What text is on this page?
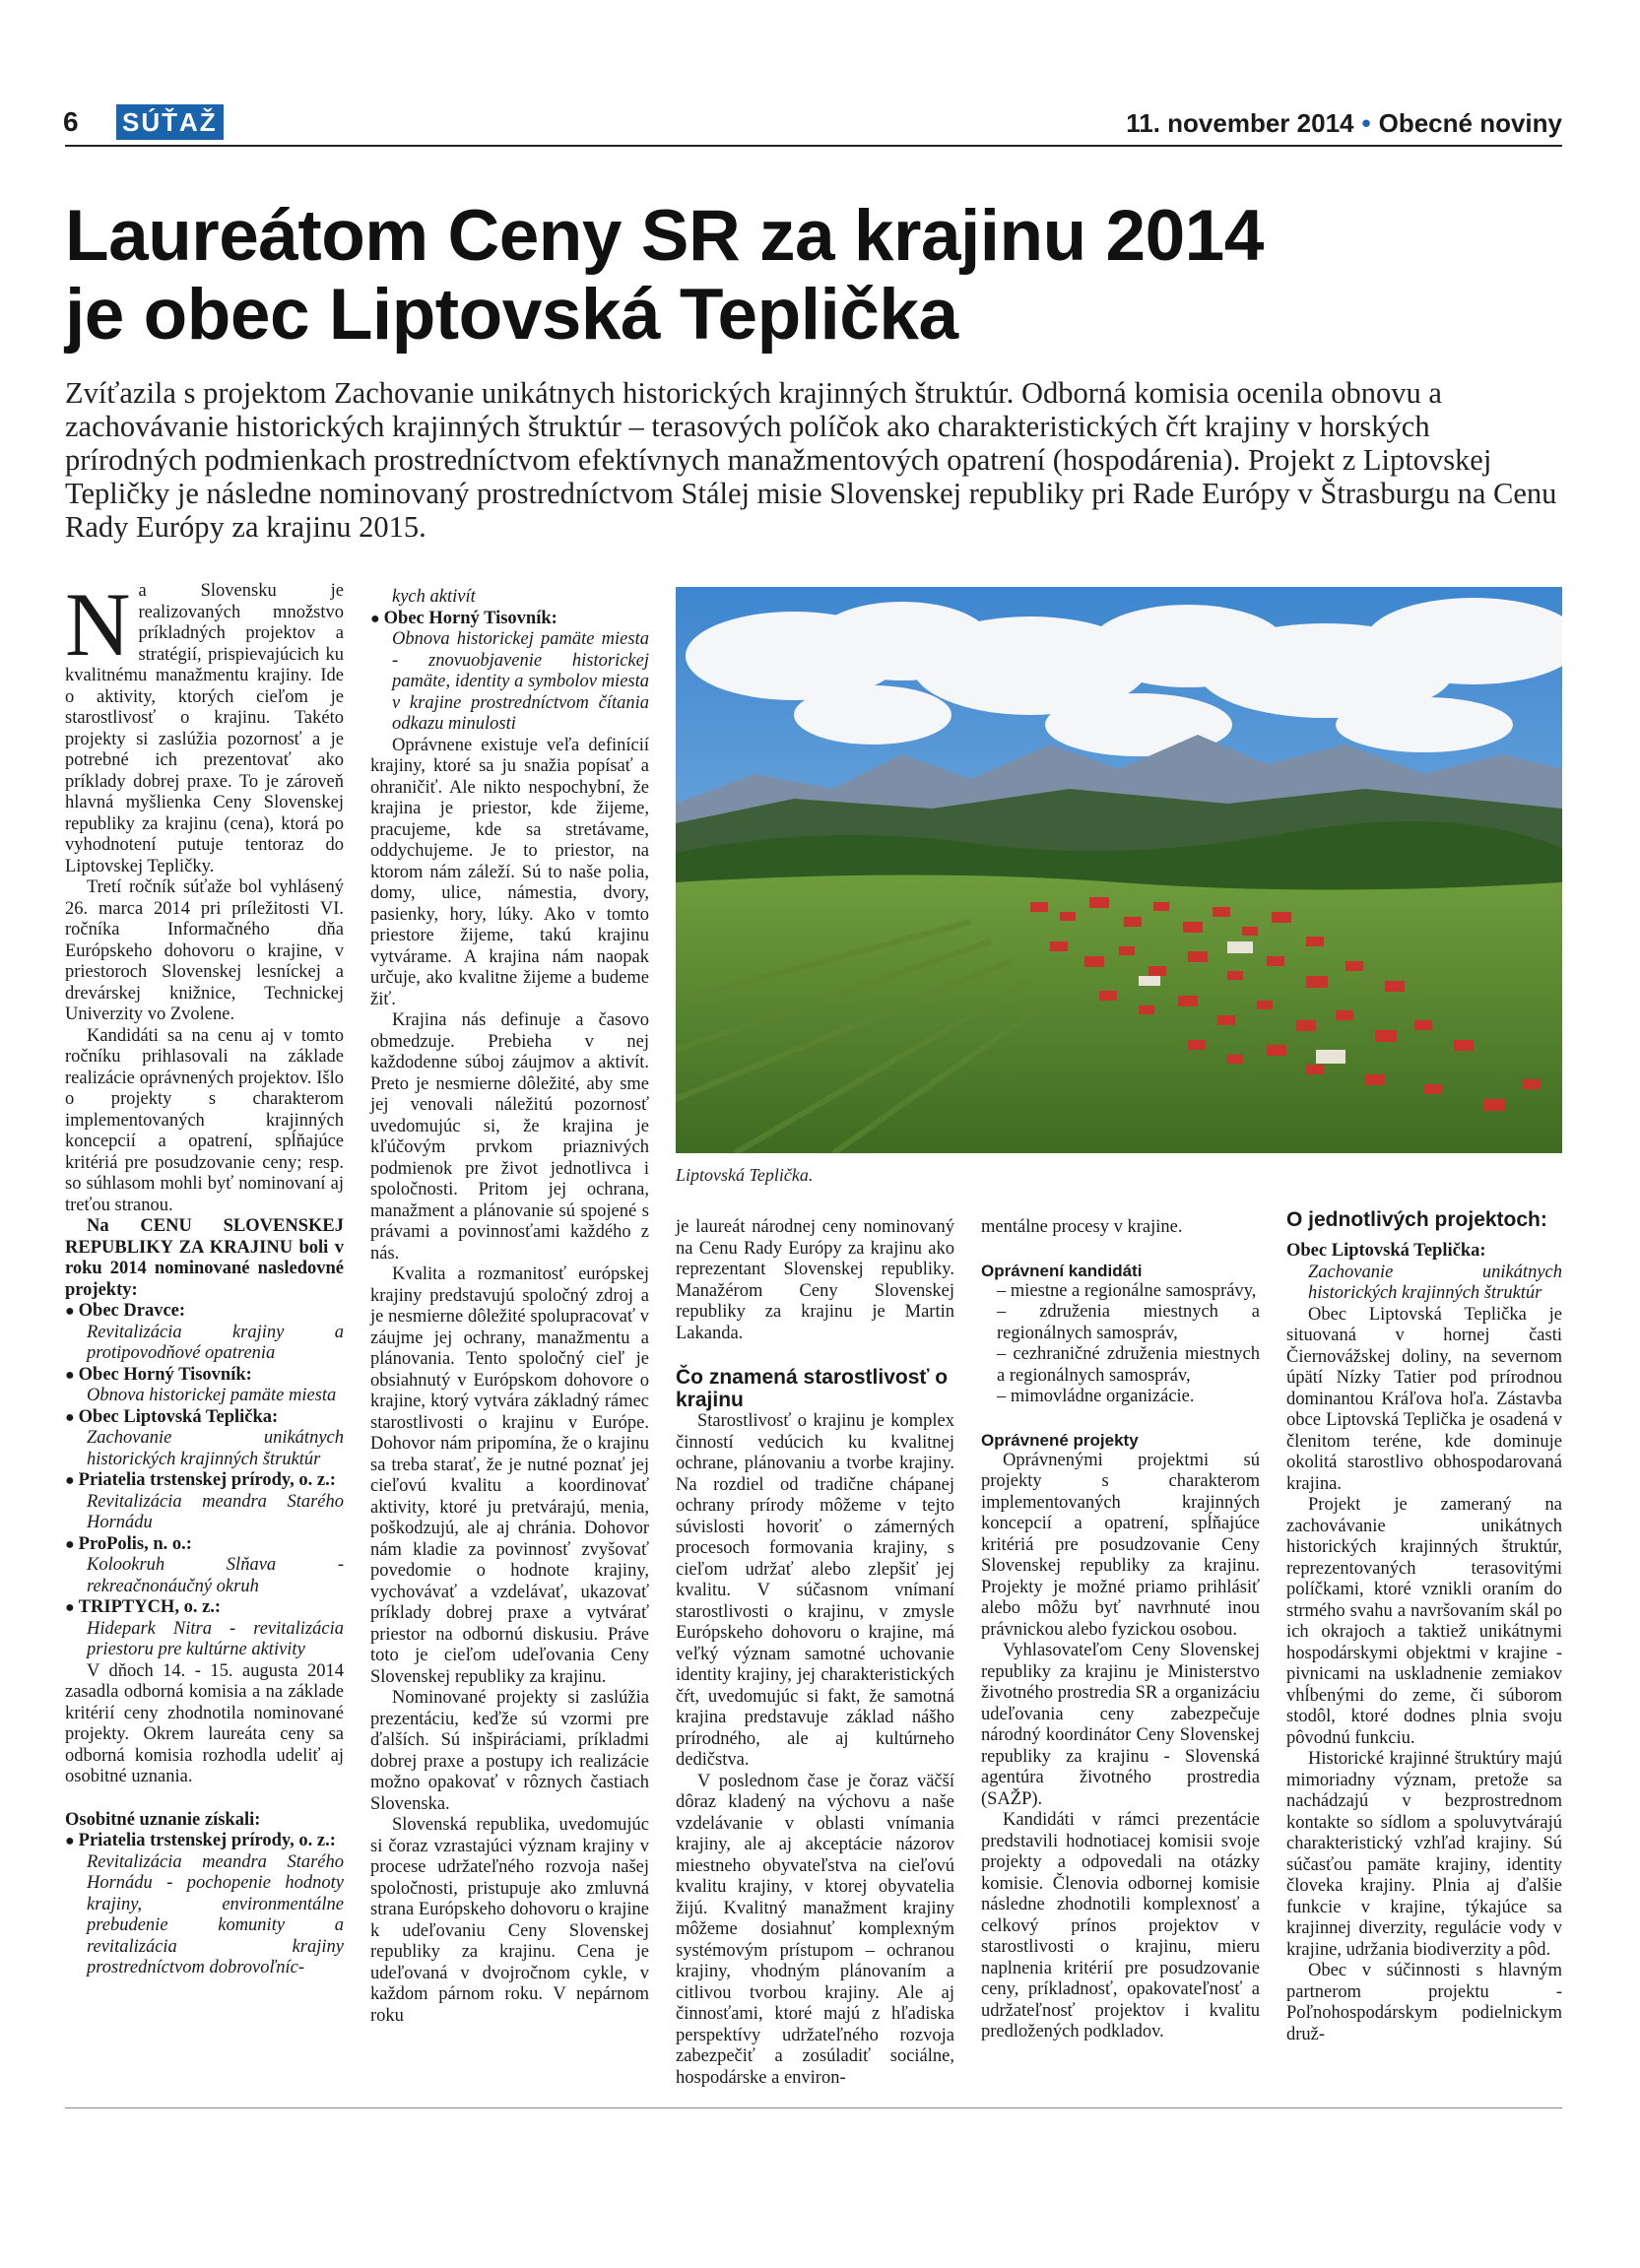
6 SÚŤAŽ	11. november 2014 • Obecné noviny
Laureátom Ceny SR za krajinu 2014
je obec Liptovská Teplička
Zvíťazila s projektom Zachovanie unikátnych historických krajinných štruktúr. Odborná komisia ocenila obnovu a zachovávanie historických krajinných štruktúr – terasových políčok ako charakteristických čŕt krajiny v horských prírodných podmienkach prostredníctvom efektívnych manažmentových opatrení (hospodárenia). Projekt z Liptovskej Tepličky je následne nominovaný prostredníctvom Stálej misie Slovenskej republiky pri Rade Európy v Štrasburgu na Cenu Rady Európy za krajinu 2015.

Na Slovensku je realizovaných množstvo príkladných projektov a stratégií, prispievajúcich ku kvalitnému manažmentu krajiny. Ide o aktivity, ktorých cieľom je starostlivosť o krajinu. Takéto projekty si zaslúžia pozornosť a je potrebné ich prezentovať ako príklady dobrej praxe. To je zároveň hlavná myšlienka Ceny Slovenskej republiky za krajinu (cena), ktorá po vyhodnotení putuje tentoraz do Liptovskej Tepličky.

Tretí ročník súťaže bol vyhlásený 26. marca 2014 pri príležitosti VI. ročníka Informačného dňa Európskeho dohovoru o krajine, v priestoroch Slovenskej lesníckej a drevárskej knižnice, Technickej Univerzity vo Zvolene.

Kandidáti sa na cenu aj v tomto ročníku prihlasovali na základe realizácie oprávnených projektov. Išlo o projekty s charakterom implementovaných krajinných koncepcií a opatrení, spĺňajúce kritériá pre posudzovanie ceny; resp. so súhlasom mohli byť nominovaní aj treťou stranou.

Na CENU SLOVENSKEJ REPUBLIKY ZA KRAJINU boli v roku 2014 nominované nasledovné projekty:

● Obec Dravce:

Revitalizácia krajiny a protipovodňové opatrenia

● Obec Horný Tisovník:

Obnova historickej pamäte miesta

● Obec Liptovská Teplička:

Zachovanie unikátnych historických krajinných štruktúr

● Priatelia trstenskej prírody, o. z.:

Revitalizácia meandra Starého Hornádu

● ProPolis, n. o.:

Kolookruh Slňava - rekreačnonáučný okruh

● TRIPTYCH, o. z.:

Hidepark Nitra - revitalizácia priestoru pre kultúrne aktivity

V dňoch 14. - 15. augusta 2014 zasadla odborná komisia a na základe kritérií ceny zhodnotila nominované projekty. Okrem laureáta ceny sa odborná komisia rozhodla udeliť aj osobitné uznania.

Osobitné uznanie získali:

● Priatelia trstenskej prírody, o. z.:

Revitalizácia meandra Starého Hornádu - pochopenie hodnoty krajiny, environmentálne prebudenie komunity a revitalizácia krajiny prostredníctvom dobrovoľníc-

kych aktivít

● Obec Horný Tisovník:

Obnova historickej pamäte miesta - znovuobjavenie historickej pamäte, identity a symbolov miesta v krajine prostredníctvom čítania odkazu minulosti

Oprávnene existuje veľa definícií krajiny, ktoré sa ju snažia popísať a ohraničiť. Ale nikto nespochybní, že krajina je priestor, kde žijeme, pracujeme, kde sa stretávame, oddychujeme. Je to priestor, na ktorom nám záleží. Sú to naše polia, domy, ulice, námestia, dvory, pasienky, hory, lúky. Ako v tomto priestore žijeme, takú krajinu vytvárame. A krajina nám naopak určuje, ako kvalitne žijeme a budeme žiť.

Krajina nás definuje a časovo obmedzuje. Prebieha v nej každodenne súboj záujmov a aktivít. Preto je nesmierne dôležité, aby sme jej venovali náležitú pozornosť uvedomujúc si, že krajina je kľúčovým prvkom priaznivých podmienok pre život jednotlivca i spoločnosti. Pritom jej ochrana, manažment a plánovanie sú spojené s právami a povinnosťami každého z nás.

Kvalita a rozmanitosť európskej krajiny predstavujú spoločný zdroj a je nesmierne dôležité spolupracovať v záujme jej ochrany, manažmentu a plánovania. Tento spoločný cieľ je obsiahnutý v Európskom dohovore o krajine, ktorý vytvára základný rámec starostlivosti o krajinu v Európe. Dohovor nám pripomína, že o krajinu sa treba starať, že je nutné poznať jej cieľovú kvalitu a koordinovať aktivity, ktoré ju pretvárajú, menia, poškodzujú, ale aj chránia. Dohovor nám kladie za povinnosť zvyšovať povedomie o hodnote krajiny, vychovávať a vzdelávať, ukazovať príklady dobrej praxe a vytvárať priestor na odbornú diskusiu. Práve toto je cieľom udeľovania Ceny Slovenskej republiky za krajinu.

Nominované projekty si zaslúžia prezentáciu, keďže sú vzormi pre ďalších. Sú inšpiráciami, príkladmi dobrej praxe a postupy ich realizácie možno opakovať v rôznych častiach Slovenska.

Slovenská republika, uvedomujúc si čoraz vzrastajúci význam krajiny v procese udržateľného rozvoja našej spoločnosti, pristupuje ako zmluvná strana Európskeho dohovoru o krajine k udeľovaniu Ceny Slovenskej republiky za krajinu. Cena je udeľovaná v dvojročnom cykle, v každom párnom roku. V nepárnom roku

Liptovská Teplička.

je laureát národnej ceny nominovaný na Cenu Rady Európy za krajinu ako reprezentant Slovenskej republiky. Manažérom Ceny Slovenskej republiky za krajinu je Martin Lakanda.

Čo znamená starostlivosť o krajinu

Starostlivosť o krajinu je komplex činností vedúcich ku kvalitnej ochrane, plánovaniu a tvorbe krajiny. Na rozdiel od tradične chápanej ochrany prírody môžeme v tejto súvislosti hovoriť o zámerných procesoch formovania krajiny, s cieľom udržať alebo zlepšiť jej kvalitu. V súčasnom vnímaní starostlivosti o krajinu, v zmysle Európskeho dohovoru o krajine, má veľký význam samotné uchovanie identity krajiny, jej charakteristických čŕt, uvedomujúc si fakt, že samotná krajina predstavuje základ nášho prírodného, ale aj kultúrneho dedičstva.

V poslednom čase je čoraz väčší dôraz kladený na výchovu a našе vzdelávanie v oblasti vnímania krajiny, ale aj akceptácie názorov miestneho obyvateľstva na cieľovú kvalitu krajiny, v ktorej obyvatelia žijú. Kvalitný manažment krajiny môžeme dosiahnuť komplexným systémovým prístupom – ochranou krajiny, vhodným plánovaním a citlivou tvorbou krajiny. Ale aj činnosťami, ktoré majú z hľadiska perspektívy udržateľného rozvoja zabezpečiť a zosúladiť sociálne, hospodárske a environ-

mentálne procesy v krajine.

Oprávnení kandidáti

– miestne a regionálne samosprávy,

– združenia miestnych a regionálnych samospráv,

– cezhraničné združenia miestnych a regionálnych samospráv,

– mimovládne organizácie.

Oprávnené projekty

Oprávnenými projektmi sú projekty s charakterom implementovaných krajinných koncepcií a opatrení, spĺňajúce kritériá pre posudzovanie Ceny Slovenskej republiky za krajinu. Projekty je možné priamo prihlásiť alebo môžu byť navrhnuté inou právnickou alebo fyzickou osobou.

Vyhlasovateľom Ceny Slovenskej republiky za krajinu je Ministerstvo životného prostredia SR a organizáciu udeľovania ceny zabezpečuje národný koordinátor Ceny Slovenskej republiky za krajinu - Slovenská agentúra životného prostredia (SAŽP).

Kandidáti v rámci prezentácie predstavili hodnotiacej komisii svoje projekty a odpovedali na otázky komisie. Členovia odbornej komisie následne zhodnotili komplexnosť a celkový prínos projektov v starostlivosti o krajinu, mieru naplnenia kritérií pre posudzovanie ceny, príkladnosť, opakovateľnosť a udržateľnosť projektov i kvalitu predložených podkladov.

O jednotlivých projektoch:

Obec Liptovská Teplička:

Zachovanie unikátnych historických krajinných štruktúr

Obec Liptovská Teplička je situovaná v hornej časti Čiernovážskej doliny, na severnom úpätí Nízky Tatier pod prírodnou dominantou Kráľova hoľa. Zástavba obce Liptovská Teplička je osadená v členitom teréne, kde dominuje okolitá starostlivo obhospodarovaná krajina.

Projekt je zameraný na zachovávanie unikátnych historických krajinných štruktúr, reprezentovaných terasovitými políčkami, ktoré vznikli oraním do strmého svahu a navršovaním skál po ich okrajoch a taktiež unikátnymi hospodárskymi objektmi v krajine - pivnicami na uskladnenie zemiakov vhĺbenými do zeme, či súborom stodôl, ktoré dodnes plnia svoju pôvodnú funkciu.

Historické krajinné štruktúry majú mimoriadny význam, pretože sa nachádzajú v bezprostrednom kontakte so sídlom a spoluvytvárajú charakteristický vzhľad krajiny. Sú súčasťou pamäte krajiny, identity človeka krajiny. Plnia aj ďalšie funkcie v krajine, týkajúce sa krajinnej diverzity, regulácie vody v krajine, udržania biodiverzity a pôd.

Obec v súčinnosti s hlavným partnerom projektu - Poľnohospodárskym podielnickym druž-
